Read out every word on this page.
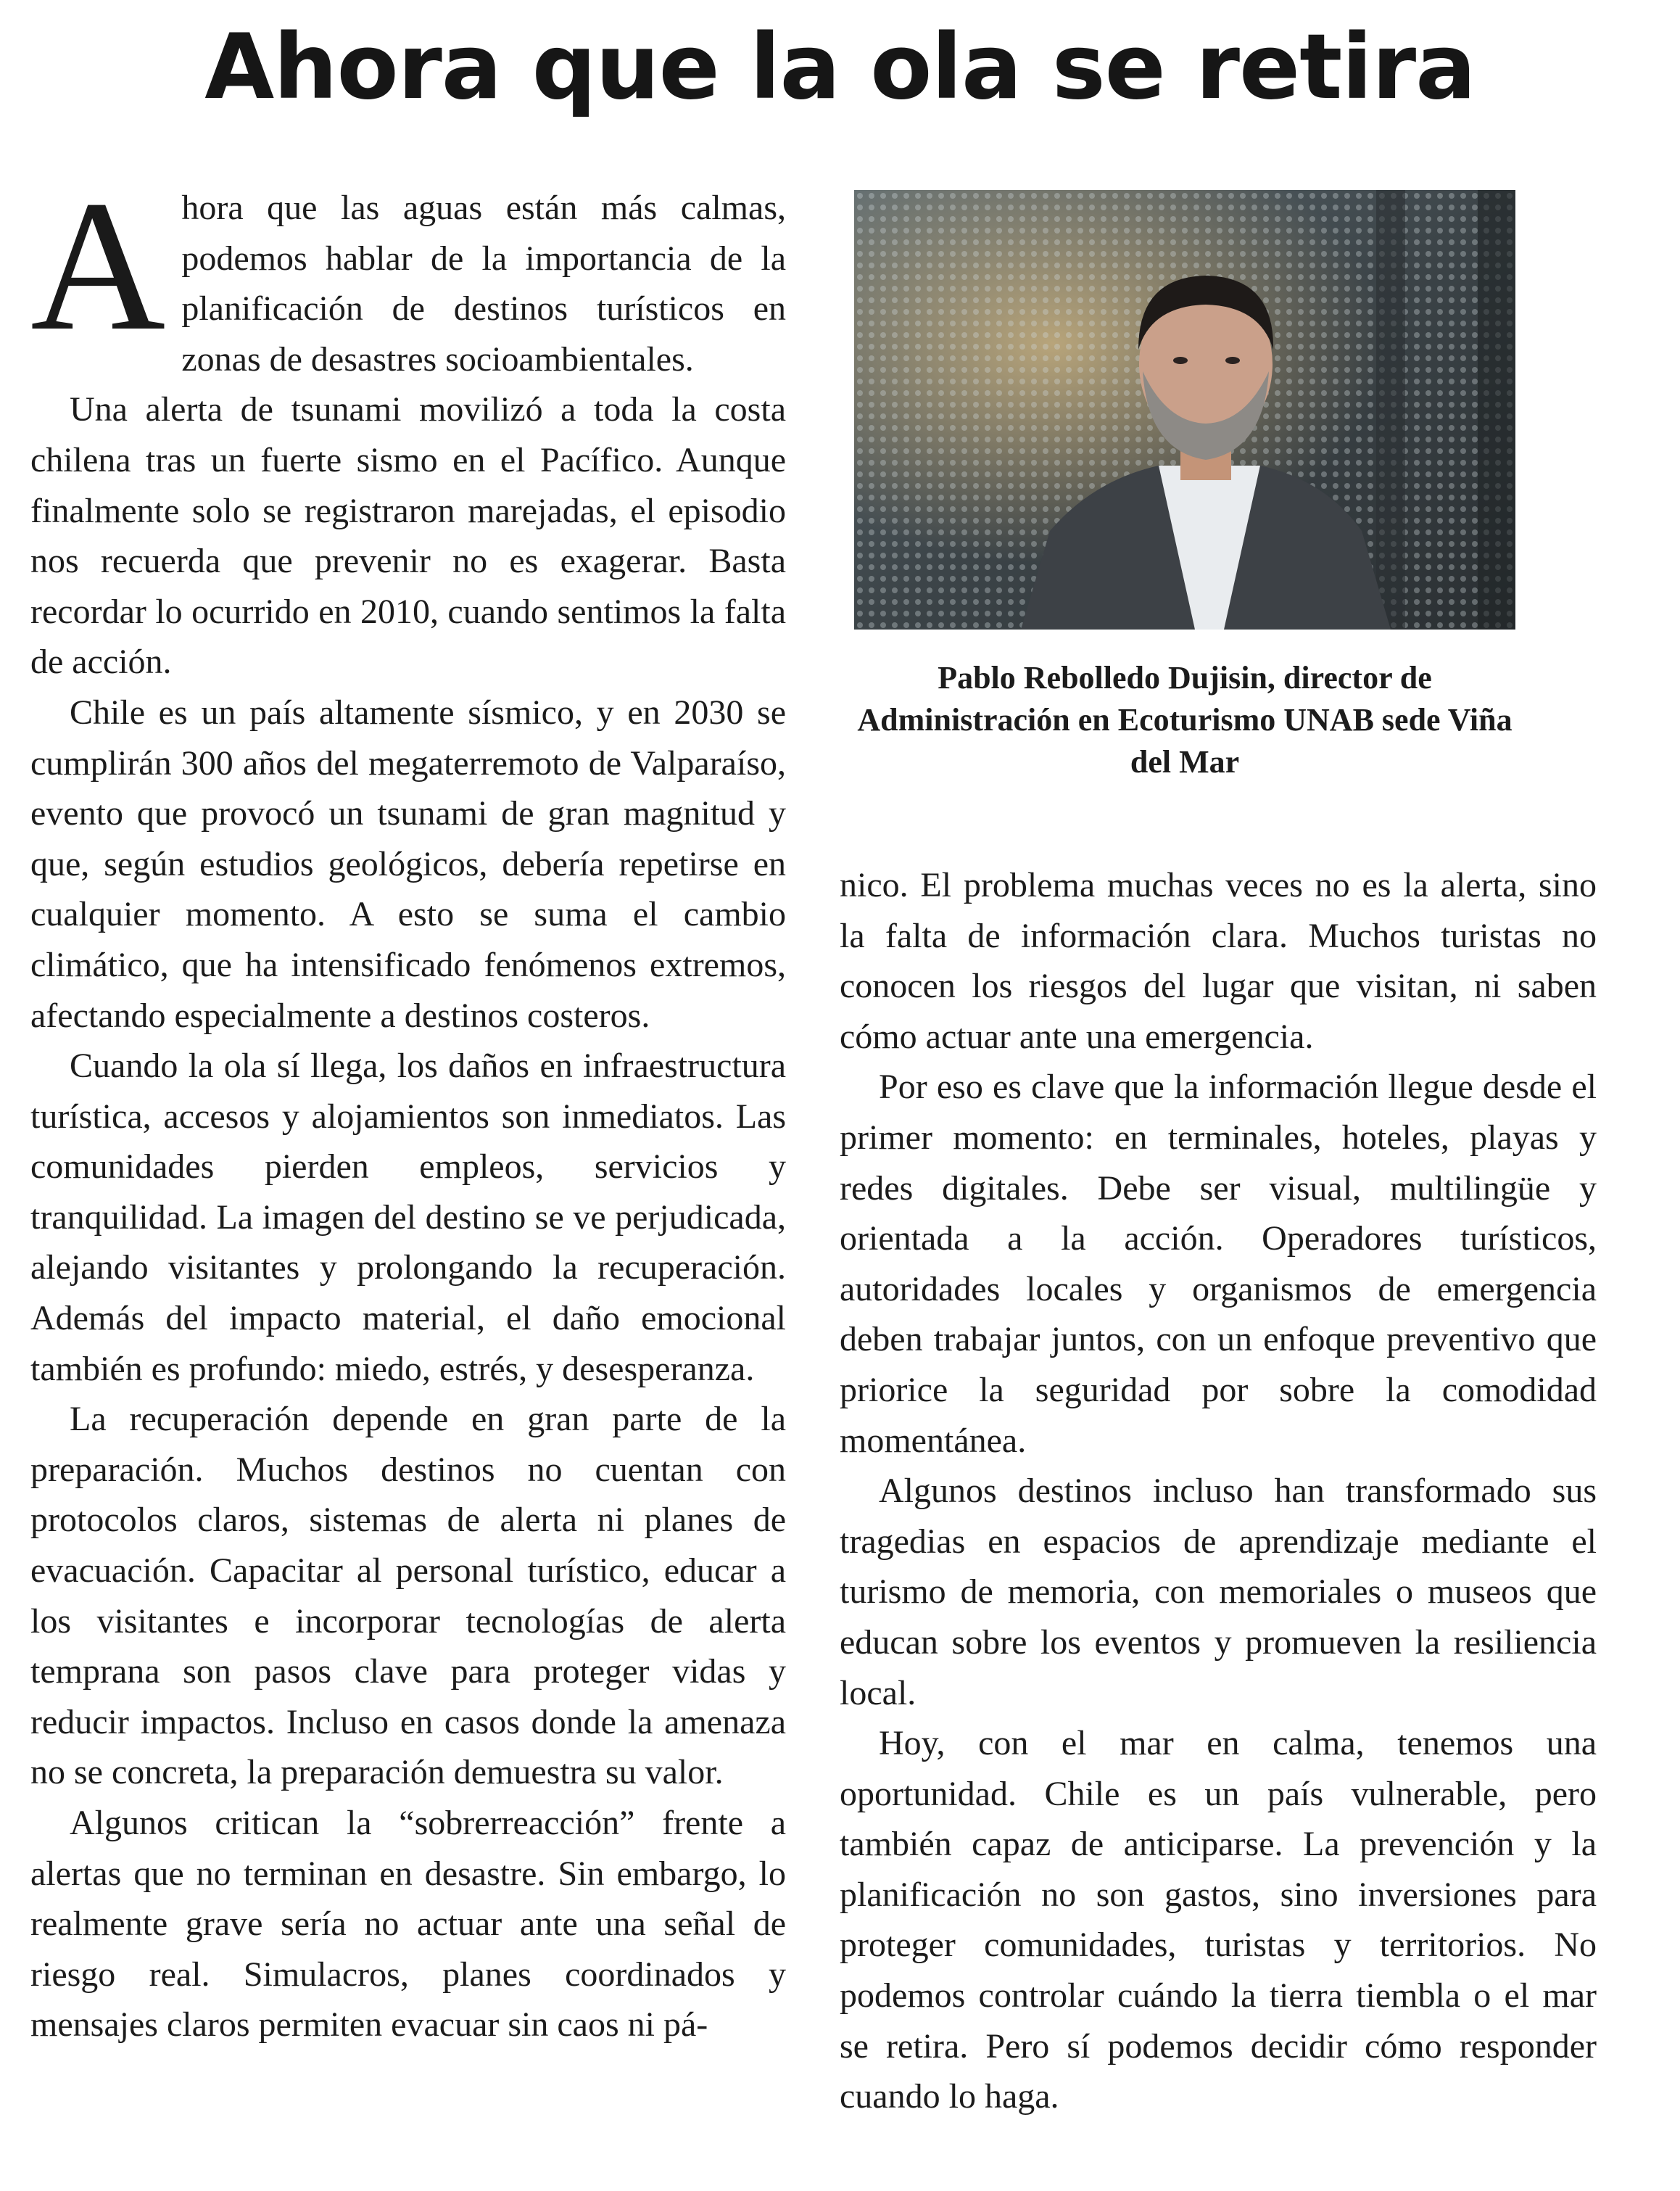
Ahora que la ola se retira

Ahora que las aguas están más calmas, podemos hablar de la importancia de la planificación de destinos turísticos en zonas de desastres socioambientales.

Una alerta de tsunami movilizó a toda la costa chilena tras un fuerte sismo en el Pacífico. Aunque finalmente solo se registraron marejadas, el episodio nos recuerda que prevenir no es exagerar. Basta recordar lo ocurrido en 2010, cuando sentimos la falta de acción.

Chile es un país altamente sísmico, y en 2030 se cumplirán 300 años del megaterremoto de Valparaíso, evento que provocó un tsunami de gran magnitud y que, según estudios geológicos, debería repetirse en cualquier momento. A esto se suma el cambio climático, que ha intensificado fenómenos extremos, afectando especialmente a destinos costeros.

Cuando la ola sí llega, los daños en infraestructura turística, accesos y alojamientos son inmediatos. Las comunidades pierden empleos, servicios y tranquilidad. La imagen del destino se ve perjudicada, alejando visitantes y prolongando la recuperación. Además del impacto material, el daño emocional también es profundo: miedo, estrés, y desesperanza.

La recuperación depende en gran parte de la preparación. Muchos destinos no cuentan con protocolos claros, sistemas de alerta ni planes de evacuación. Capacitar al personal turístico, educar a los visitantes e incorporar tecnologías de alerta temprana son pasos clave para proteger vidas y reducir impactos. Incluso en casos donde la amenaza no se concreta, la preparación demuestra su valor.

Algunos critican la “sobrerreacción” frente a alertas que no terminan en desastre. Sin embargo, lo realmente grave sería no actuar ante una señal de riesgo real. Simulacros, planes coordinados y mensajes claros permiten evacuar sin caos ni pá-

Pablo Rebolledo Dujisin, director de Administración en Ecoturismo UNAB sede Viña del Mar

nico. El problema muchas veces no es la alerta, sino la falta de información clara. Muchos turistas no conocen los riesgos del lugar que visitan, ni saben cómo actuar ante una emergencia.

Por eso es clave que la información llegue desde el primer momento: en terminales, hoteles, playas y redes digitales. Debe ser visual, multilingüe y orientada a la acción. Operadores turísticos, autoridades locales y organismos de emergencia deben trabajar juntos, con un enfoque preventivo que priorice la seguridad por sobre la comodidad momentánea.

Algunos destinos incluso han transformado sus tragedias en espacios de aprendizaje mediante el turismo de memoria, con memoriales o museos que educan sobre los eventos y promueven la resiliencia local.

Hoy, con el mar en calma, tenemos una oportunidad. Chile es un país vulnerable, pero también capaz de anticiparse. La prevención y la planificación no son gastos, sino inversiones para proteger comunidades, turistas y territorios. No podemos controlar cuándo la tierra tiembla o el mar se retira. Pero sí podemos decidir cómo responder cuando lo haga.
